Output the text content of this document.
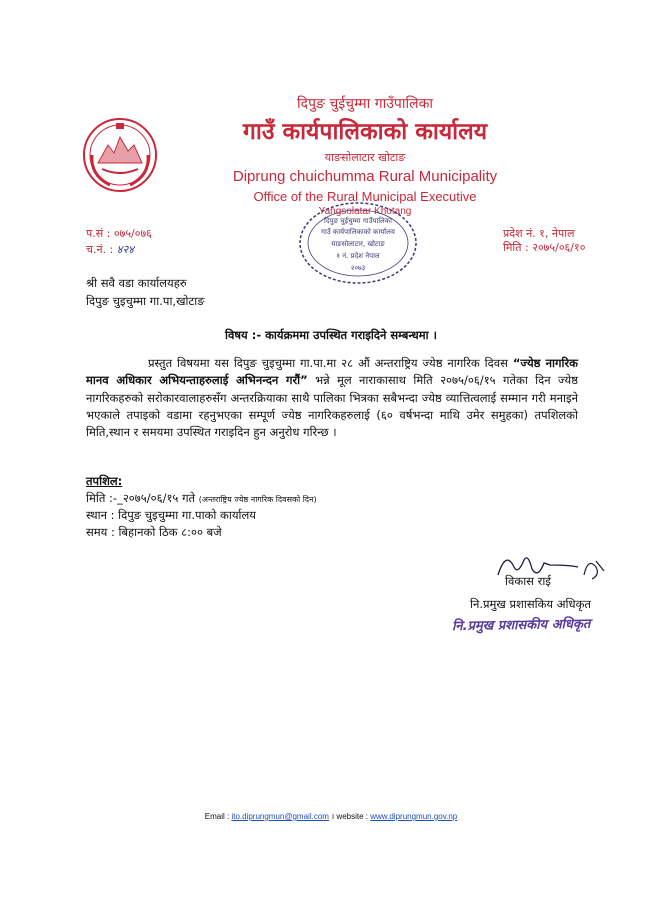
दिपुङ चुईचुम्मा गाउँपालिका
गाउँ कार्यपालिकाको कार्यालय
याङसोलाटार खोटाङ
Diprung chuichumma Rural Municipality
Office of the Rural Municipal Executive
Yangsolatar Khotang
प.सं : ०७५/०७६
च.नं. : ४२४
प्रदेश नं. १, नेपाल
मिति : २०७५/०६/१०
दिपुङ चुईचुम्मा गाउँपालिका
गाउँ कार्यपालिकाको कार्यालय
याङसोलाटार, खोटाङ
१ नं. प्रदेश नेपाल
२०७३
श्री सवै वडा कार्यालयहरु
दिपुङ चुइचुम्मा गा.पा,खोटाङ
विषय :- कार्यक्रममा उपस्थित गराइदिने सम्बन्धमा ।
प्रस्तुत विषयमा यस दिपुङ चुइचुम्मा गा.पा.मा २८ औं अन्तराष्ट्रिय ज्येष्ठ नागरिक दिवस “ज्येष्ठ नागरिक मानव अधिकार अभियन्ताहरुलाई अभिनन्दन गरौं” भन्ने मूल नाराकासाथ मिति २०७५/०६/१५ गतेका दिन ज्येष्ठ नागरिकहरुको सरोकारवालाहरुसँग अन्तरक्रियाका साथै पालिका भित्रका सबैभन्दा ज्येष्ठ व्यात्तित्वलाई सम्मान गरी मनाइने भएकाले तपाइको वडामा रहनुभएका सम्पूर्ण ज्येष्ठ नागरिकहरुलाई (६० वर्षभन्दा माथि उमेर समुहका) तपशिलको मिति,स्थान र समयमा उपस्थित गराइदिन हुन अनुरोध गरिन्छ ।
तपशिल:
मिति :-_२०७५/०६/१५ गते (अन्तराष्ट्रिय ज्येष्ठ नागरिक दिवसको दिन)
स्थान : दिपुङ चुइचुम्मा गा.पाको कार्यालय
समय : बिहानको ठिक ८:०० बजे
विकास राई
नि.प्रमुख प्रशासकिय अधिकृत
नि.प्रमुख प्रशासकीय अधिकृत
Email : ito.diprungmun@gmail.com । website : www.diprungmun.gov.np
